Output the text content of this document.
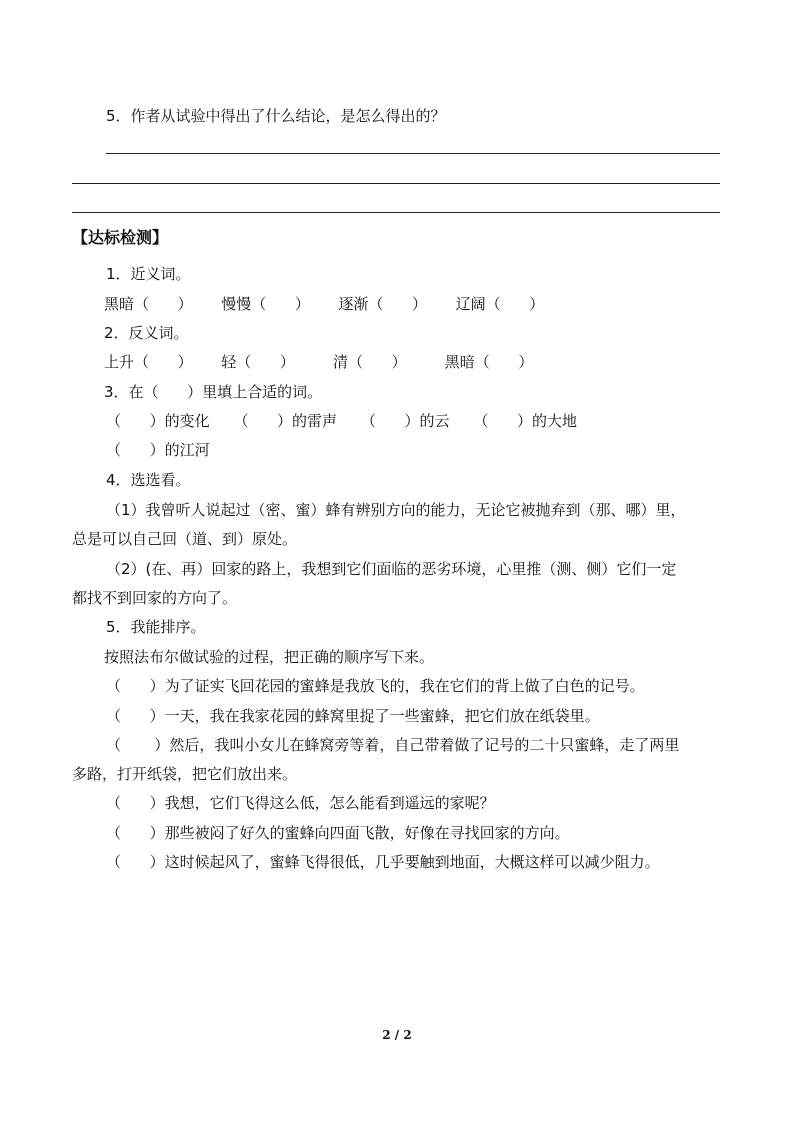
5．作者从试验中得出了什么结论，是怎么得出的？
【达标检测】
1．近义词。
黑暗（      ）      慢慢（      ）      逐渐（      ）      辽阔（      ）
2．反义词。
上升（      ）      轻（      ）        清（      ）        黑暗（      ）
3．在（      ）里填上合适的词。
（      ）的变化     （      ）的雷声     （      ）的云     （      ）的大地
（      ）的江河
4．选选看。
（1）我曾听人说起过（密、蜜）蜂有辨别方向的能力，无论它被抛弃到（那、哪）里，
总是可以自己回（道、到）原处。
（2）(在、再）回家的路上，我想到它们面临的恶劣环境，心里推（测、侧）它们一定
都找不到回家的方向了。
5．我能排序。
按照法布尔做试验的过程，把正确的顺序写下来。
（      ）为了证实飞回花园的蜜蜂是我放飞的，我在它们的背上做了白色的记号。
（      ）一天，我在我家花园的蜂窝里捉了一些蜜蜂，把它们放在纸袋里。
（       ）然后，我叫小女儿在蜂窝旁等着，自己带着做了记号的二十只蜜蜂，走了两里
多路，打开纸袋，把它们放出来。
（      ）我想，它们飞得这么低，怎么能看到遥远的家呢？
（      ）那些被闷了好久的蜜蜂向四面飞散，好像在寻找回家的方向。
（      ）这时候起风了，蜜蜂飞得很低，几乎要触到地面，大概这样可以减少阻力。
2 / 2
